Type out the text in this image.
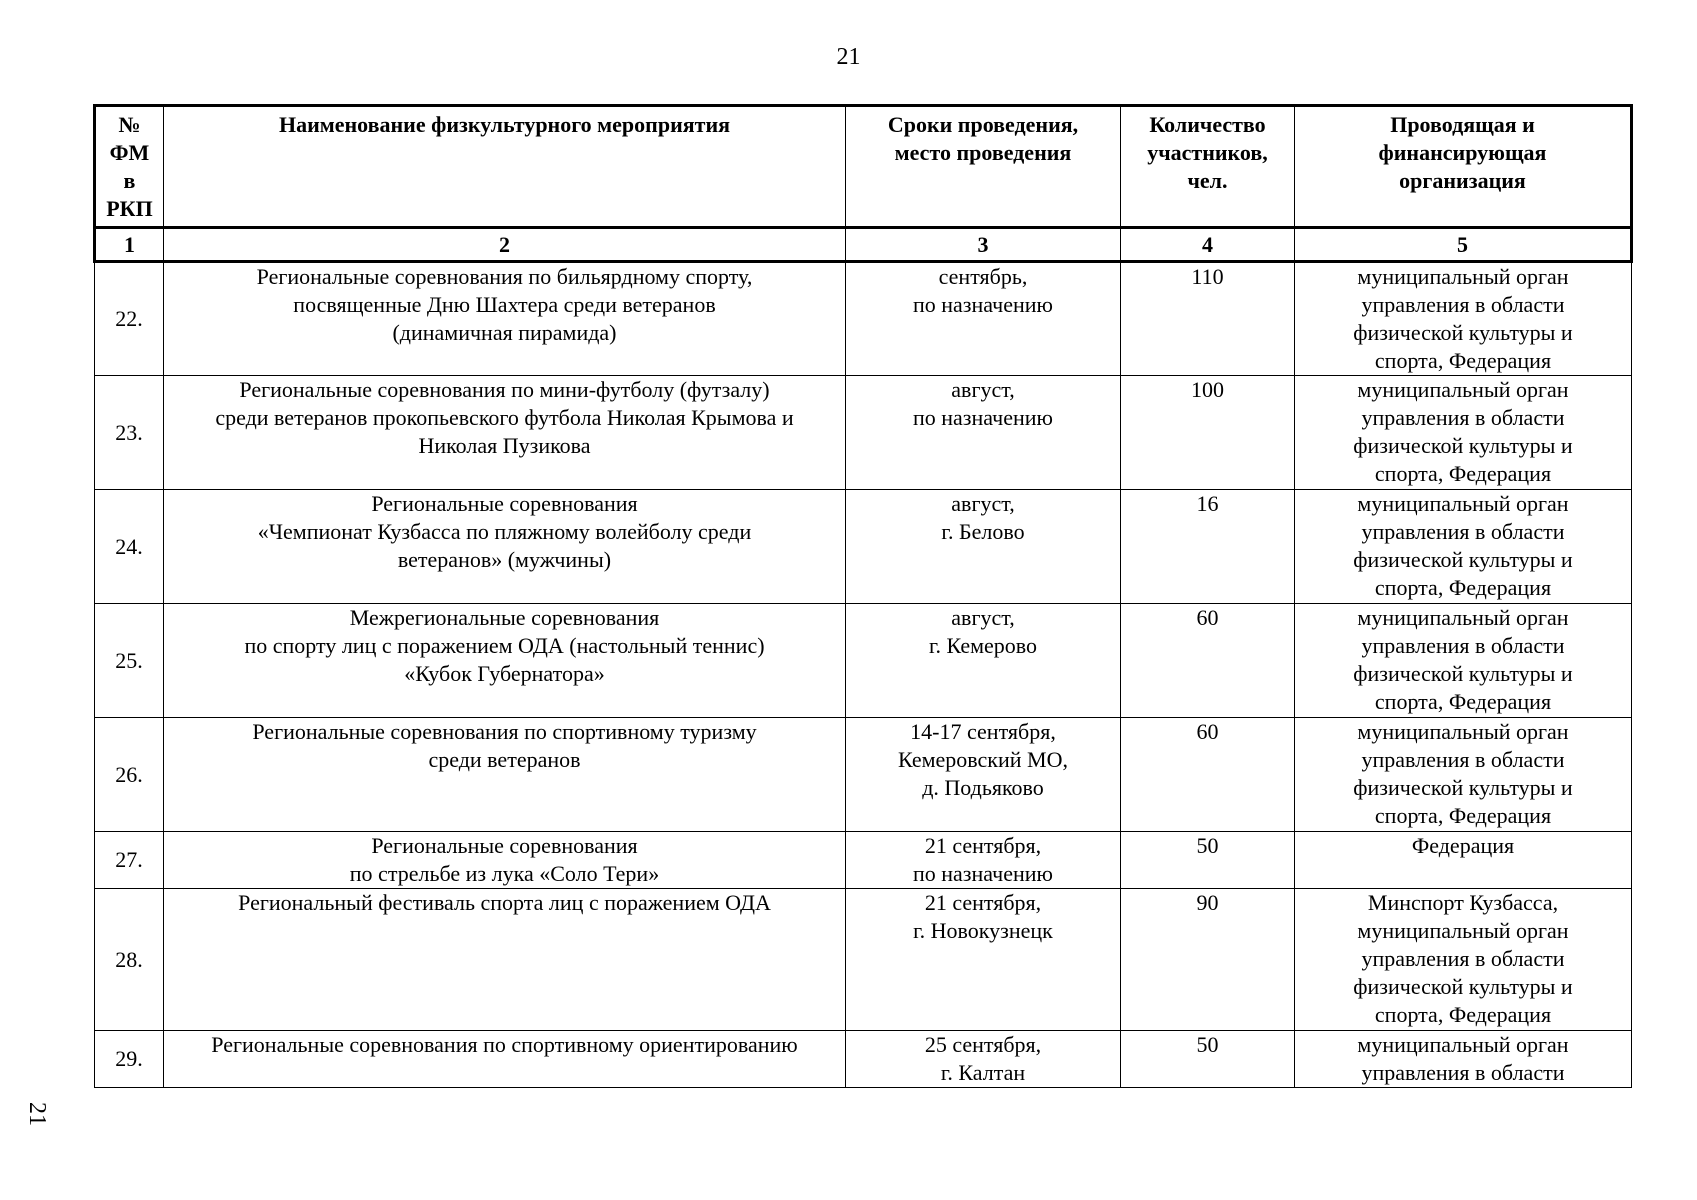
21
№
ФМ
в
РКП	Наименование физкультурного мероприятия	Сроки проведения,
место проведения	Количество
участников,
чел.	Проводящая и
финансирующая
организация
1	2	3	4	5
22.	Региональные соревнования по бильярдному спорту,
посвященные Дню Шахтера среди ветеранов
(динамичная пирамида)	сентябрь,
по назначению	110	муниципальный орган
управления в области
физической культуры и
спорта, Федерация
23.	Региональные соревнования по мини-футболу (футзалу)
среди ветеранов прокопьевского футбола Николая Крымова и
Николая Пузикова	август,
по назначению	100	муниципальный орган
управления в области
физической культуры и
спорта, Федерация
24.	Региональные соревнования
«Чемпионат Кузбасса по пляжному волейболу среди
ветеранов» (мужчины)	август,
г. Белово	16	муниципальный орган
управления в области
физической культуры и
спорта, Федерация
25.	Межрегиональные соревнования
по спорту лиц с поражением ОДА (настольный теннис)
«Кубок Губернатора»	август,
г. Кемерово	60	муниципальный орган
управления в области
физической культуры и
спорта, Федерация
26.	Региональные соревнования по спортивному туризму
среди ветеранов	14-17 сентября,
Кемеровский МО,
д. Подьяково	60	муниципальный орган
управления в области
физической культуры и
спорта, Федерация
27.	Региональные соревнования
по стрельбе из лука «Соло Тери»	21 сентября,
по назначению	50	Федерация
28.	Региональный фестиваль спорта лиц с поражением ОДА	21 сентября,
г. Новокузнецк	90	Минспорт Кузбасса,
муниципальный орган
управления в области
физической культуры и
спорта, Федерация
29.	Региональные соревнования по спортивному ориентированию	25 сентября,
г. Калтан	50	муниципальный орган
управления в области
21
